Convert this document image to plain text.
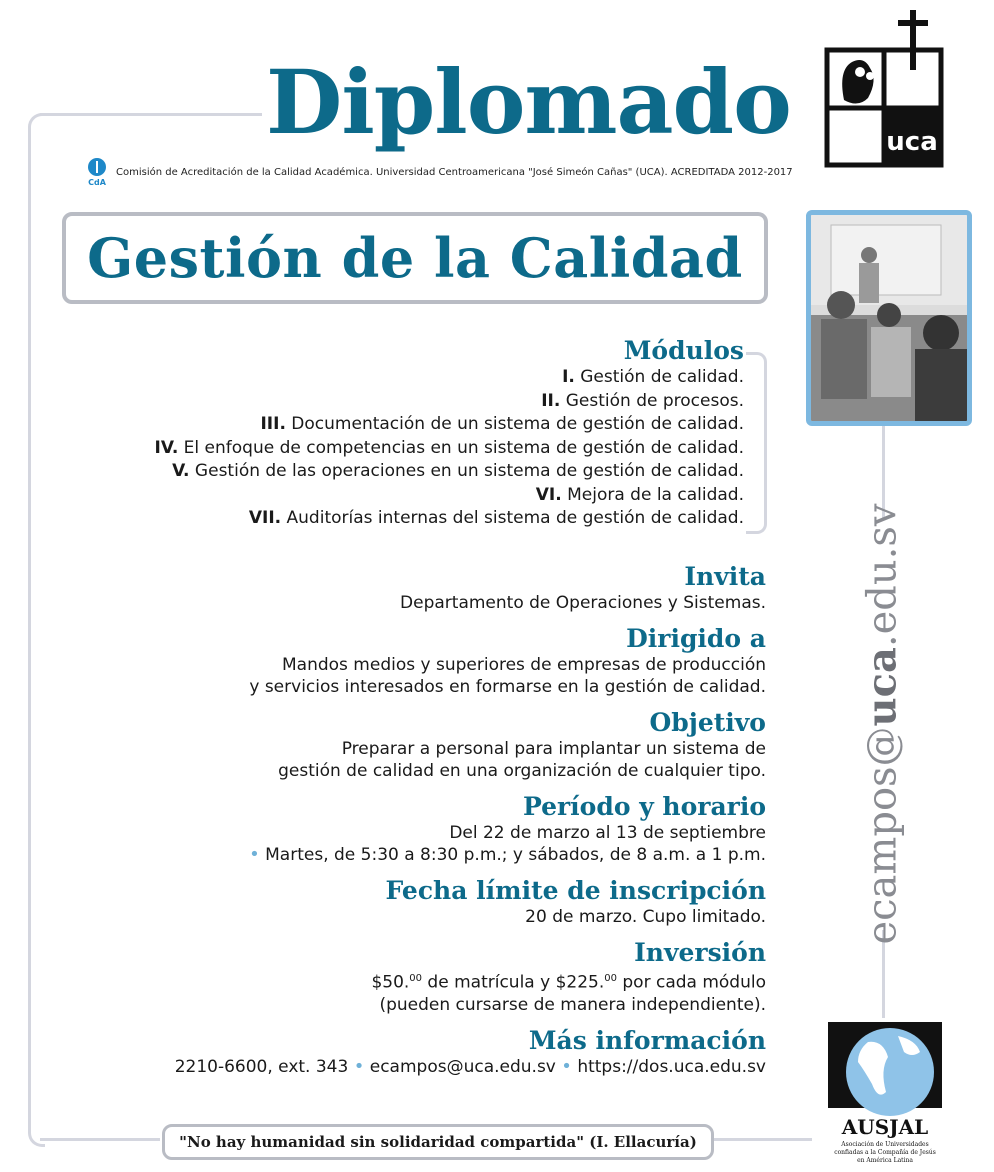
uca
Diplomado
CdA
Comisión de Acreditación de la Calidad Académica. Universidad Centroamericana "José Simeón Cañas" (UCA). ACREDITADA 2012-2017
Gestión de la Calidad
Módulos

I. Gestión de calidad.

II. Gestión de procesos.

III. Documentación de un sistema de gestión de calidad.

IV. El enfoque de competencias en un sistema de gestión de calidad.

V. Gestión de las operaciones en un sistema de gestión de calidad.

VI. Mejora de la calidad.

VII. Auditorías internas del sistema de gestión de calidad.

Invita

Departamento de Operaciones y Sistemas.

Dirigido a

Mandos medios y superiores de empresas de producción

y servicios interesados en formarse en la gestión de calidad.

Objetivo

Preparar a personal para implantar un sistema de

gestión de calidad en una organización de cualquier tipo.

Período y horario

Del 22 de marzo al 13 de septiembre

• Martes, de 5:30 a 8:30 p.m.; y sábados, de 8 a.m. a 1 p.m.

Fecha límite de inscripción

20 de marzo. Cupo limitado.

Inversión

$50.00 de matrícula y $225.00 por cada módulo

(pueden cursarse de manera independiente).

Más información

2210-6600, ext. 343 • ecampos@uca.edu.sv • https://dos.uca.edu.sv

ecampos@uca.edu.sv
"No hay humanidad sin solidaridad compartida" (I. Ellacuría)
AUSJAL
Asociación de Universidades
confiadas a la Compañía de Jesús
en América Latina
